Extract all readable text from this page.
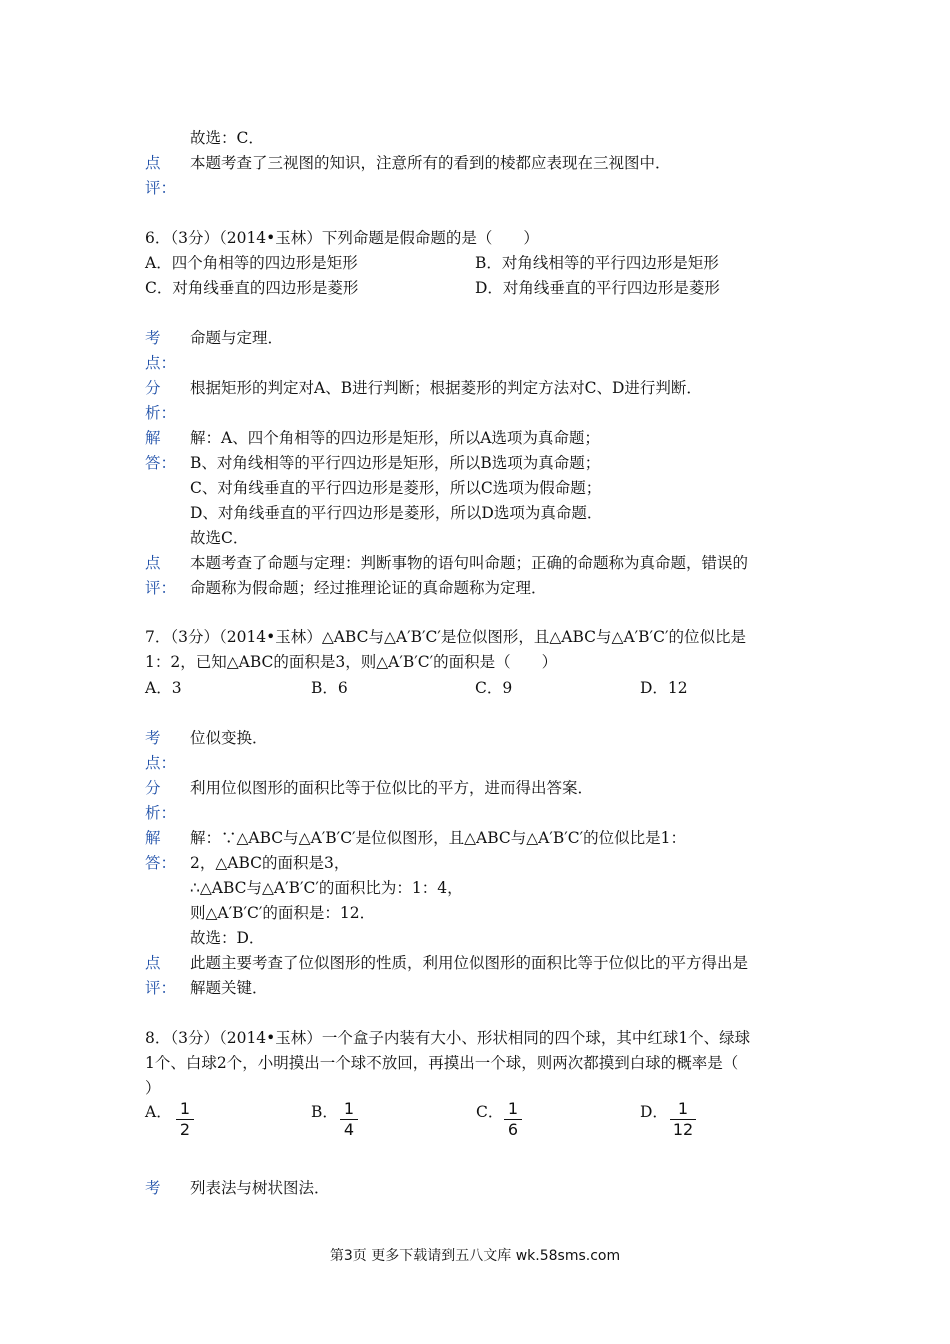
故选：C．
点
评：
本题考查了三视图的知识，注意所有的看到的棱都应表现在三视图中．
6．（3分）（2014•玉林）下列命题是假命题的是（　　）
A．四个角相等的四边形是矩形	B．对角线相等的平行四边形是矩形
C．对角线垂直的四边形是菱形	D．对角线垂直的平行四边形是菱形
考
点：
命题与定理．
分
析：
根据矩形的判定对A、B进行判断；根据菱形的判定方法对C、D进行判断．
解
答：
解：A、四个角相等的四边形是矩形，所以A选项为真命题；
B、对角线相等的平行四边形是矩形，所以B选项为真命题；
C、对角线垂直的平行四边形是菱形，所以C选项为假命题；
D、对角线垂直的平行四边形是菱形，所以D选项为真命题．
故选C．
点
评：
本题考查了命题与定理：判断事物的语句叫命题；正确的命题称为真命题，错误的
命题称为假命题；经过推理论证的真命题称为定理．
7．（3分）（2014•玉林）△ABC与△A′B′C′是位似图形，且△ABC与△A′B′C′的位似比是
1：2，已知△ABC的面积是3，则△A′B′C′的面积是（　　）
A．3	B．6	C．9	D．12
考
点：
位似变换．
分
析：
利用位似图形的面积比等于位似比的平方，进而得出答案．
解
答：
解：∵△ABC与△A′B′C′是位似图形，且△ABC与△A′B′C′的位似比是1：
2，△ABC的面积是3，
∴△ABC与△A′B′C′的面积比为：1：4，
则△A′B′C′的面积是：12．
故选：D．
点
评：
此题主要考查了位似图形的性质，利用位似图形的面积比等于位似比的平方得出是
解题关键．
8．（3分）（2014•玉林）一个盒子内装有大小、形状相同的四个球，其中红球1个、绿球
1个、白球2个，小明摸出一个球不放回，再摸出一个球，则两次都摸到白球的概率是（
）
A． 1
2
B． 1
4
C． 1
6
D． 1
12
考 列表法与树状图法．
第3页 更多下载请到五八文库 wk.58sms.com
